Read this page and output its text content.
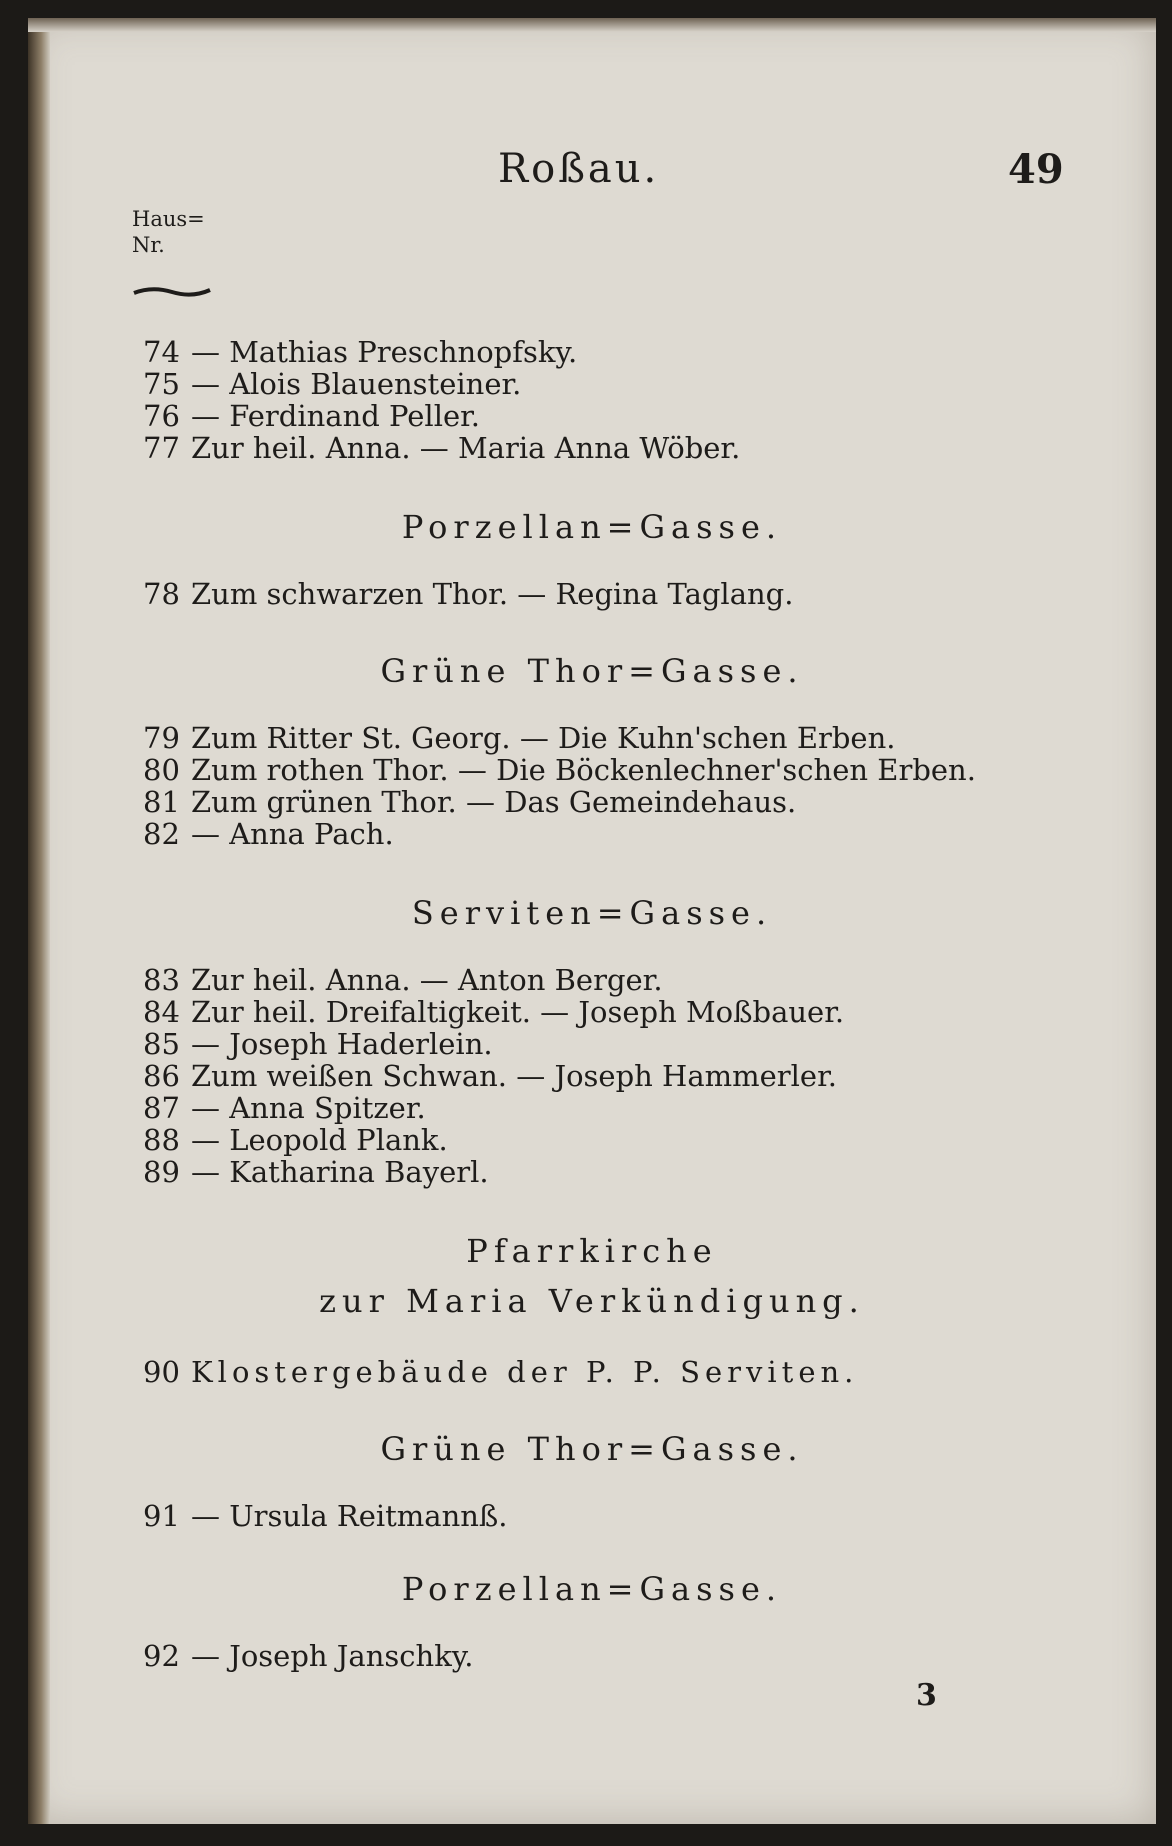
Roßau.	49
Haus=
Nr.
74 — Mathias Preschnopfsky.
75 — Alois Blauensteiner.
76 — Ferdinand Peller.
77 Zur heil. Anna. — Maria Anna Wöber.
Porzellan=Gasse.
78 Zum schwarzen Thor. — Regina Taglang.
Grüne Thor=Gasse.
79 Zum Ritter St. Georg. — Die Kuhn'schen Erben.
80 Zum rothen Thor. — Die Böckenlechner'schen Erben.
81 Zum grünen Thor. — Das Gemeindehaus.
82 — Anna Pach.
Serviten=Gasse.
83 Zur heil. Anna. — Anton Berger.
84 Zur heil. Dreifaltigkeit. — Joseph Moßbauer.
85 — Joseph Haderlein.
86 Zum weißen Schwan. — Joseph Hammerler.
87 — Anna Spitzer.
88 — Leopold Plank.
89 — Katharina Bayerl.
Pfarrkirche
zur Maria Verkündigung.
90 Klostergebäude der P. P. Serviten.
Grüne Thor=Gasse.
91 — Ursula Reitmannß.
Porzellan=Gasse.
92 — Joseph Janschky.
3
